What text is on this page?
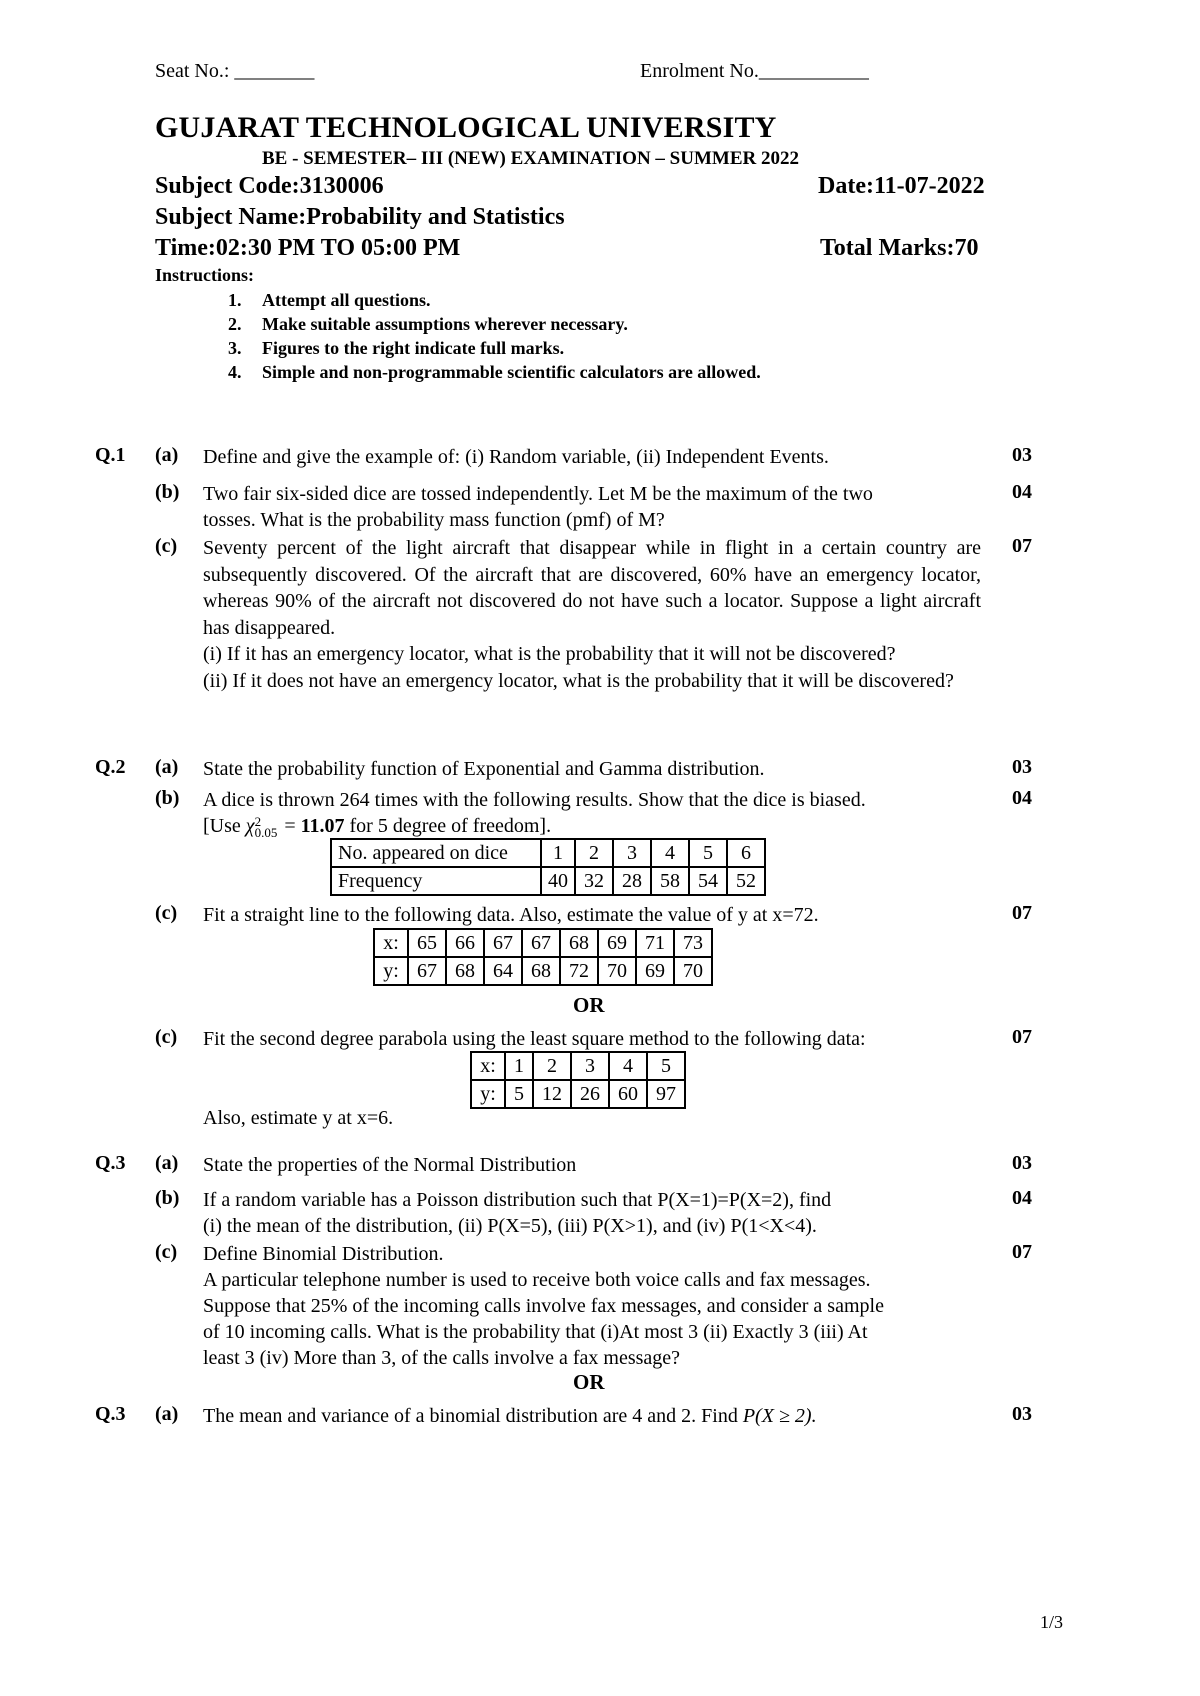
Seat No.: ________	Enrolment No.___________
GUJARAT TECHNOLOGICAL UNIVERSITY
BE - SEMESTER– III (NEW) EXAMINATION – SUMMER 2022
Subject Code:3130006	Date:11-07-2022
Subject Name:Probability and Statistics
Time:02:30 PM TO 05:00 PM	Total Marks:70
Instructions:
1. Attempt all questions.
2. Make suitable assumptions wherever necessary.
3. Figures to the right indicate full marks.
4. Simple and non-programmable scientific calculators are allowed.
Q.1 (a) Define and give the example of: (i) Random variable, (ii) Independent Events.	03
(b) Two fair six-sided dice are tossed independently. Let M be the maximum of the two
tosses. What is the probability mass function (pmf) of M?
04
(c) Seventy percent of the light aircraft that disappear while in flight in a certain country are subsequently discovered. Of the aircraft that are discovered, 60% have an emergency locator, whereas 90% of the aircraft not discovered do not have such a locator. Suppose a light aircraft has disappeared.

(i) If it has an emergency locator, what is the probability that it will not be discovered?

(ii) If it does not have an emergency locator, what is the probability that it will be discovered?

07
Q.2 (a) State the probability function of Exponential and Gamma distribution.	03
(b) A dice is thrown 264 times with the following results. Show that the dice is biased.
[Use χ 2
0.05 = 11.07 for 5 degree of freedom].
04
No. appeared on dice	1	2	3	4	5	6
Frequency	40	32	28	58	54	52
(c) Fit a straight line to the following data. Also, estimate the value of y at x=72.	07
x:	65	66	67	67	68	69	71	73
y:	67	68	64	68	72	70	69	70
OR
(c) Fit the second degree parabola using the least square method to the following data:	07
x:	1	2	3	4	5
y:	5	12	26	60	97
Also, estimate y at x=6.
Q.3 (a) State the properties of the Normal Distribution	03
(b) If a random variable has a Poisson distribution such that P(X=1)=P(X=2), find
(i) the mean of the distribution, (ii) P(X=5), (iii) P(X>1), and (iv) P(1<X<4).
04
(c) Define Binomial Distribution.
A particular telephone number is used to receive both voice calls and fax messages.
Suppose that 25% of the incoming calls involve fax messages, and consider a sample
of 10 incoming calls. What is the probability that (i)At most 3 (ii) Exactly 3 (iii) At
least 3 (iv) More than 3, of the calls involve a fax message?
07
OR
Q.3 (a) The mean and variance of a binomial distribution are 4 and 2. Find P(X ≥ 2).	03
1/3
